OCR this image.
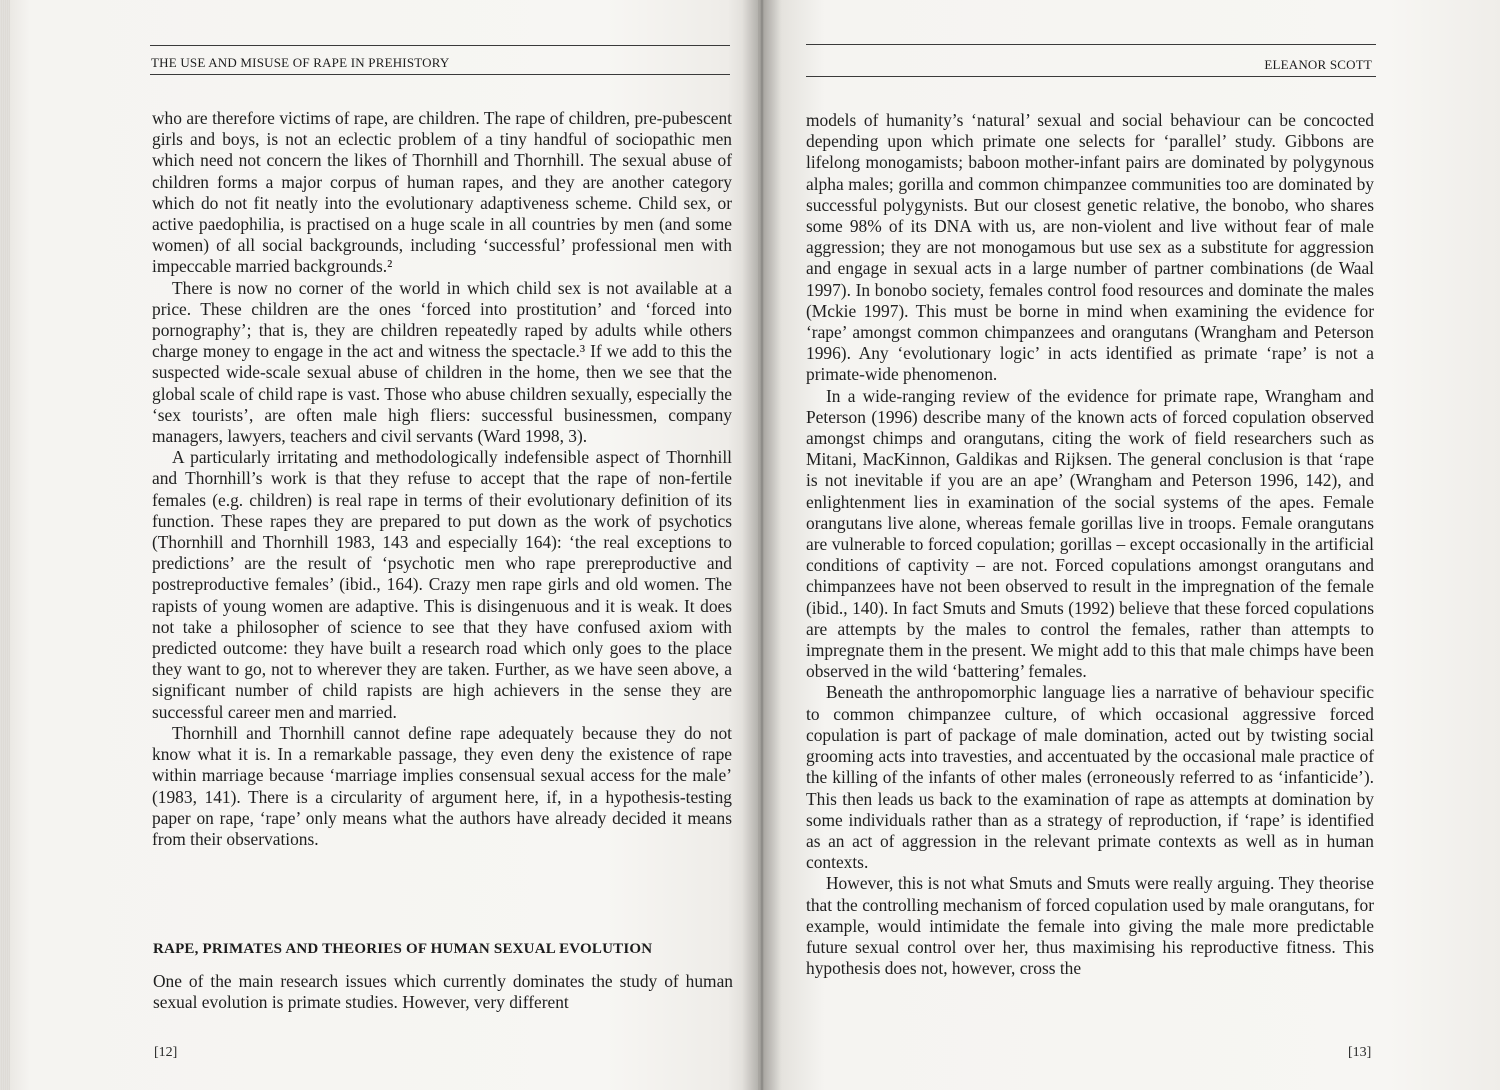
THE USE AND MISUSE OF RAPE IN PREHISTORY

who are therefore victims of rape, are children. The rape of children, pre-pubescent girls and boys, is not an eclectic problem of a tiny handful of sociopathic men which need not concern the likes of Thornhill and Thornhill. The sexual abuse of children forms a major corpus of human rapes, and they are another category which do not fit neatly into the evolutionary adaptiveness scheme. Child sex, or active paedophilia, is practised on a huge scale in all countries by men (and some women) of all social backgrounds, including ‘successful’ professional men with impeccable married backgrounds.²

There is now no corner of the world in which child sex is not available at a price. These children are the ones ‘forced into prostitution’ and ‘forced into pornography’; that is, they are children repeatedly raped by adults while others charge money to engage in the act and witness the spectacle.³ If we add to this the suspected wide-scale sexual abuse of children in the home, then we see that the global scale of child rape is vast. Those who abuse children sexually, especially the ‘sex tourists’, are often male high fliers: successful businessmen, company managers, lawyers, teachers and civil servants (Ward 1998, 3).

A particularly irritating and methodologically indefensible aspect of Thornhill and Thornhill’s work is that they refuse to accept that the rape of non-fertile females (e.g. children) is real rape in terms of their evolutionary definition of its function. These rapes they are prepared to put down as the work of psychotics (Thornhill and Thornhill 1983, 143 and especially 164): ‘the real exceptions to predictions’ are the result of ‘psychotic men who rape prereproductive and postreproductive females’ (ibid., 164). Crazy men rape girls and old women. The rapists of young women are adaptive. This is disingenuous and it is weak. It does not take a philosopher of science to see that they have confused axiom with predicted outcome: they have built a research road which only goes to the place they want to go, not to wherever they are taken. Further, as we have seen above, a significant number of child rapists are high achievers in the sense they are successful career men and married.

Thornhill and Thornhill cannot define rape adequately because they do not know what it is. In a remarkable passage, they even deny the existence of rape within marriage because ‘marriage implies consensual sexual access for the male’ (1983, 141). There is a circularity of argument here, if, in a hypothesis-testing paper on rape, ‘rape’ only means what the authors have already decided it means from their observations.

RAPE, PRIMATES AND THEORIES OF HUMAN SEXUAL EVOLUTION

One of the main research issues which currently dominates the study of human sexual evolution is primate studies. However, very different

[12]
ELEANOR SCOTT

models of humanity’s ‘natural’ sexual and social behaviour can be concocted depending upon which primate one selects for ‘parallel’ study. Gibbons are lifelong monogamists; baboon mother-infant pairs are dominated by polygynous alpha males; gorilla and common chimpanzee communities too are dominated by successful polygynists. But our closest genetic relative, the bonobo, who shares some 98% of its DNA with us, are non-violent and live without fear of male aggression; they are not monogamous but use sex as a substitute for aggression and engage in sexual acts in a large number of partner combinations (de Waal 1997). In bonobo society, females control food resources and dominate the males (Mckie 1997). This must be borne in mind when examining the evidence for ‘rape’ amongst common chimpanzees and orangutans (Wrangham and Peterson 1996). Any ‘evolutionary logic’ in acts identified as primate ‘rape’ is not a primate-wide phenomenon.

In a wide-ranging review of the evidence for primate rape, Wrangham and Peterson (1996) describe many of the known acts of forced copulation observed amongst chimps and orangutans, citing the work of field researchers such as Mitani, MacKinnon, Galdikas and Rijksen. The general conclusion is that ‘rape is not inevitable if you are an ape’ (Wrangham and Peterson 1996, 142), and enlightenment lies in examination of the social systems of the apes. Female orangutans live alone, whereas female gorillas live in troops. Female orangutans are vulnerable to forced copulation; gorillas – except occasionally in the artificial conditions of captivity – are not. Forced copulations amongst orangutans and chimpanzees have not been observed to result in the impregnation of the female (ibid., 140). In fact Smuts and Smuts (1992) believe that these forced copulations are attempts by the males to control the females, rather than attempts to impregnate them in the present. We might add to this that male chimps have been observed in the wild ‘battering’ females.

Beneath the anthropomorphic language lies a narrative of behaviour specific to common chimpanzee culture, of which occasional aggressive forced copulation is part of package of male domination, acted out by twisting social grooming acts into travesties, and accentuated by the occasional male practice of the killing of the infants of other males (erroneously referred to as ‘infanticide’). This then leads us back to the examination of rape as attempts at domination by some individuals rather than as a strategy of reproduction, if ‘rape’ is identified as an act of aggression in the relevant primate contexts as well as in human contexts.

However, this is not what Smuts and Smuts were really arguing. They theorise that the controlling mechanism of forced copulation used by male orangutans, for example, would intimidate the female into giving the male more predictable future sexual control over her, thus maximising his reproductive fitness. This hypothesis does not, however, cross the

[13]
